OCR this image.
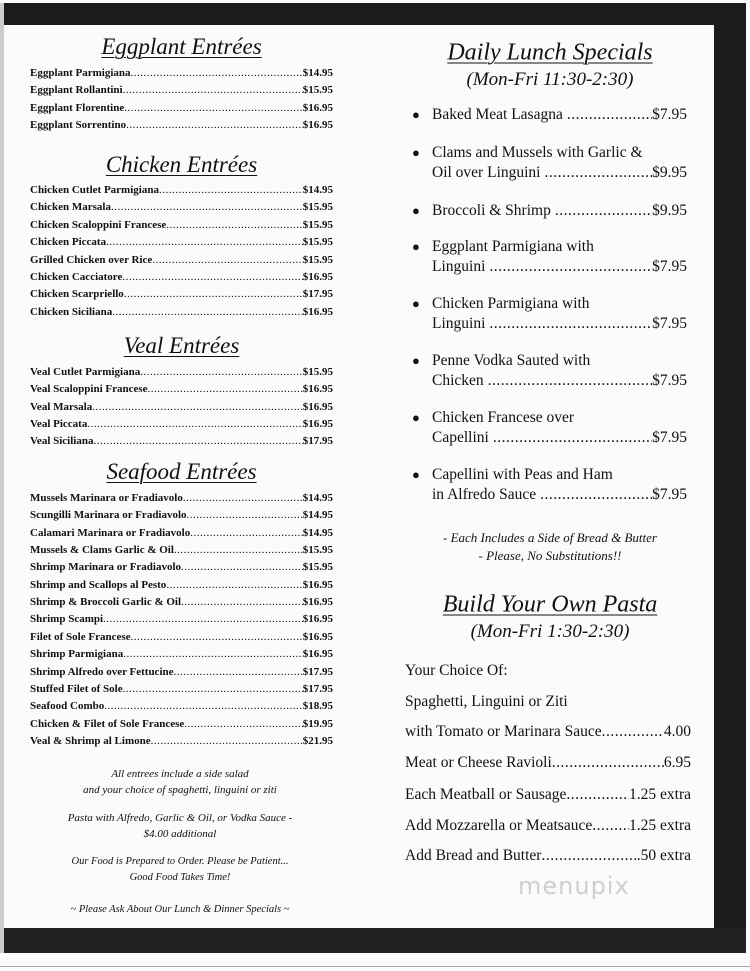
Eggplant Entrées
Eggplant Parmigiana .....	$14.95
Eggplant Rollantini .....	$15.95
Eggplant Florentine .....	$16.95
Eggplant Sorrentino .....	$16.95
Chicken Entrées
Chicken Cutlet Parmigiana .....	$14.95
Chicken Marsala .....	$15.95
Chicken Scaloppini Francese .....	$15.95
Chicken Piccata .....	$15.95
Grilled Chicken over Rice .....	$15.95
Chicken Cacciatore .....	$16.95
Chicken Scarpriello .....	$17.95
Chicken Siciliana .....	$16.95
Veal Entrées
Veal Cutlet Parmigiana .....	$15.95
Veal Scaloppini Francese .....	$16.95
Veal Marsala .....	$16.95
Veal Piccata .....	$16.95
Veal Siciliana .....	$17.95
Seafood Entrées
Mussels Marinara or Fradiavolo .....	$14.95
Scungilli Marinara or Fradiavolo .....	$14.95
Calamari Marinara or Fradiavolo .....	$14.95
Mussels & Clams Garlic & Oil .....	$15.95
Shrimp Marinara or Fradiavolo .....	$15.95
Shrimp and Scallops al Pesto .....	$16.95
Shrimp & Broccoli Garlic & Oil .....	$16.95
Shrimp Scampi .....	$16.95
Filet of Sole Francese .....	$16.95
Shrimp Parmigiana .....	$16.95
Shrimp Alfredo over Fettucine .....	$17.95
Stuffed Filet of Sole .....	$17.95
Seafood Combo .....	$18.95
Chicken & Filet of Sole Francese .....	$19.95
Veal & Shrimp al Limone .....	$21.95
All entrees include a side salad
and your choice of spaghetti, linguini or ziti
Pasta with Alfredo, Garlic & Oil, or Vodka Sauce -
$4.00 additional
Our Food is Prepared to Order. Please be Patient...
Good Food Takes Time!
~ Please Ask About Our Lunch & Dinner Specials ~
● Baked Meat Lasagna .....	$7.95
● Clams and Mussels with Garlic &
Oil over Linguini .....	$9.95
● Broccoli & Shrimp .....	$9.95
● Eggplant Parmigiana with
Linguini .....	$7.95
● Chicken Parmigiana with
Linguini .....	$7.95
● Penne Vodka Sauted with
Chicken .....	$7.95
● Chicken Francese over
Capellini .....	$7.95
● Capellini with Peas and Ham
in Alfredo Sauce .....	$7.95
Your Choice Of:
Spaghetti, Linguini or Ziti
with Tomato or Marinara Sauce .....	4.00
Meat or Cheese Ravioli .....	6.95
Each Meatball or Sausage .....	1.25 extra
Add Mozzarella or Meatsauce ..... 1.25 extra
Add Bread and Butter .....	.50 extra
Daily Lunch Specials
(Mon-Fri 11:30-2:30)
- Each Includes a Side of Bread & Butter
- Please, No Substitutions!!
Build Your Own Pasta
(Mon-Fri 1:30-2:30)
menupix
